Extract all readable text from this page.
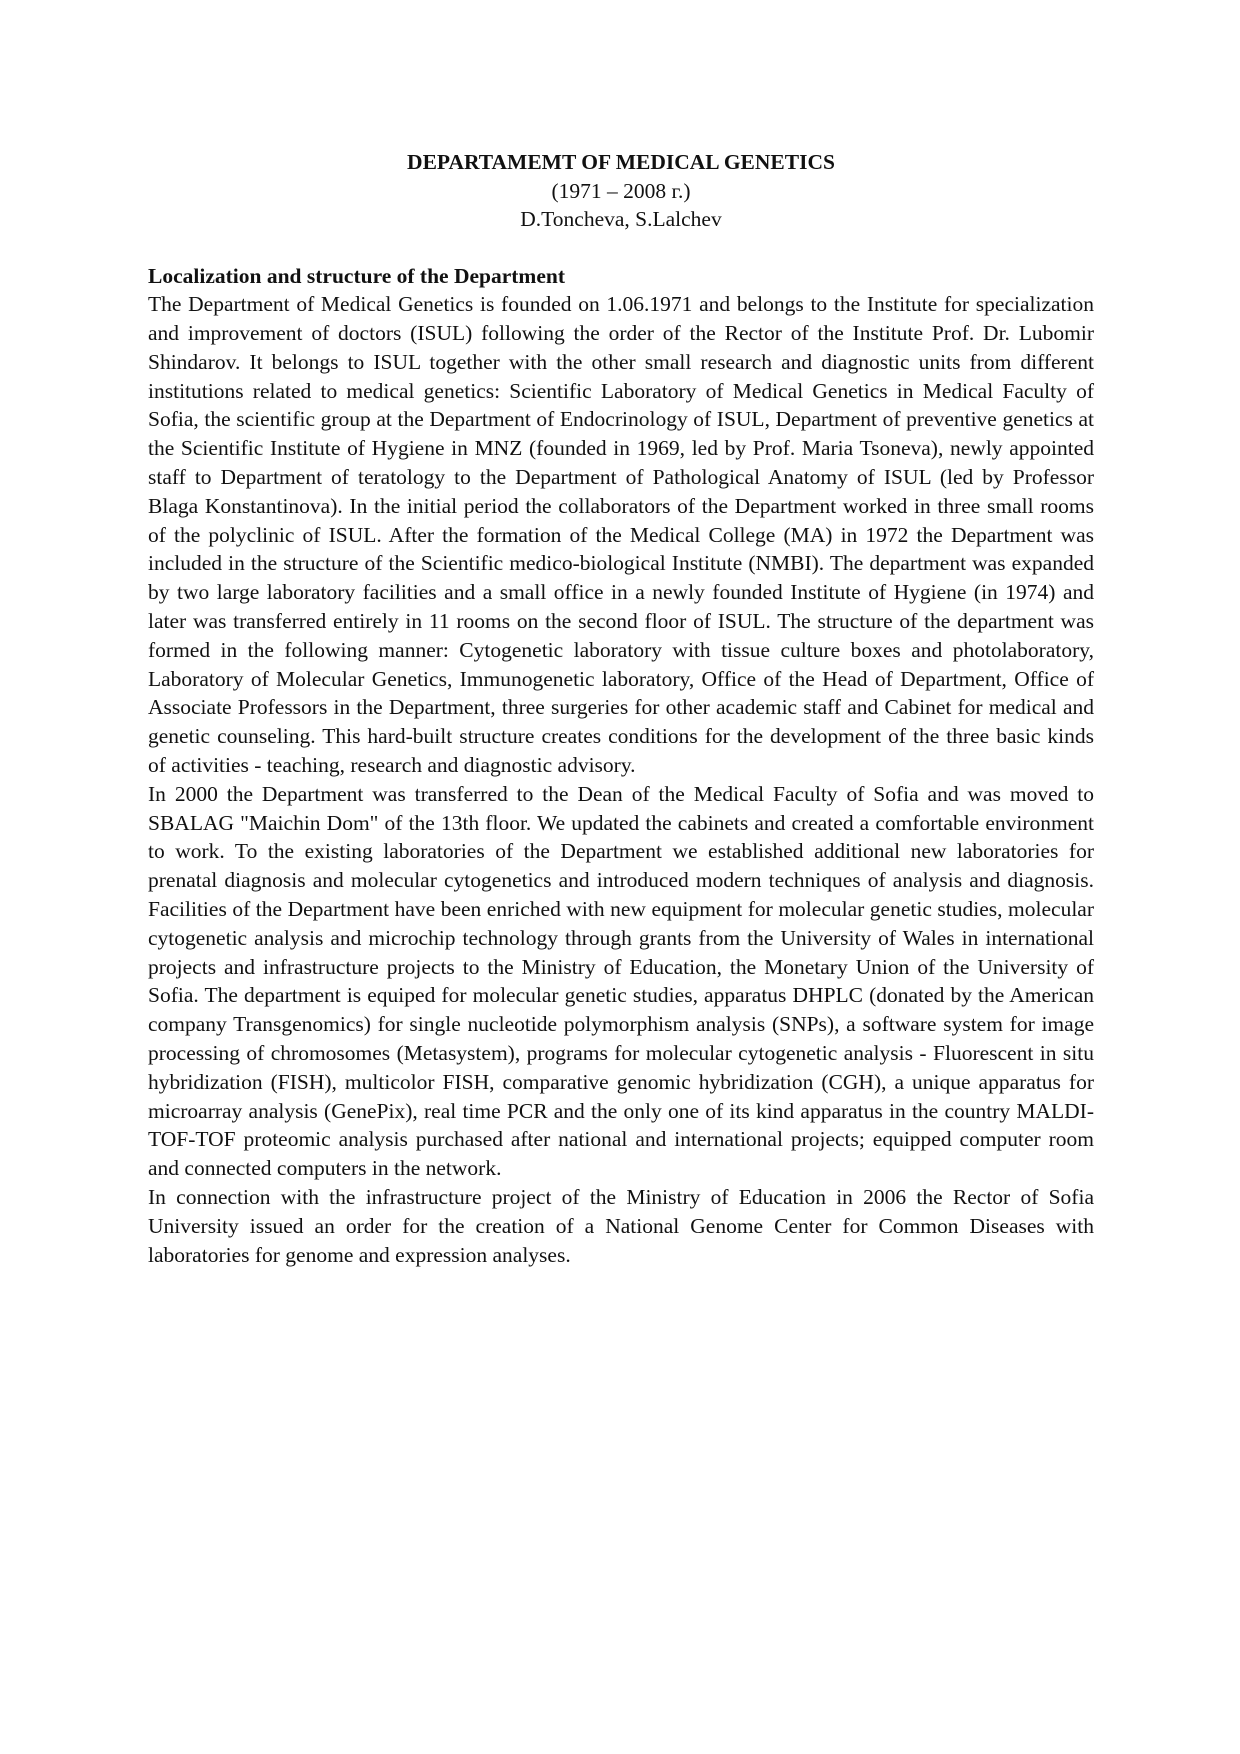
DEPARTAMEMT OF MEDICAL GENETICS
(1971 – 2008 г.)
D.Toncheva, S.Lalchev
Localization and structure of the Department

The Department of Medical Genetics is founded on 1.06.1971 and belongs to the Institute for specialization and improvement of doctors (ISUL) following the order of the Rector of the Institute Prof. Dr. Lubomir Shindarov. It belongs to ISUL together with the other small research and diagnostic units from different institutions related to medical genetics: Scientific Laboratory of Medical Genetics in Medical Faculty of Sofia, the scientific group at the Department of Endocrinology of ISUL, Department of preventive genetics at the Scientific Institute of Hygiene in MNZ (founded in 1969, led by Prof. Maria Tsoneva), newly appointed staff to Department of teratology to the Department of Pathological Anatomy of ISUL (led by Professor Blaga Konstantinova). In the initial period the collaborators of the Department worked in three small rooms of the polyclinic of ISUL. After the formation of the Medical College (MA) in 1972 the Department was included in the structure of the Scientific medico-biological Institute (NMBI). The department was expanded by two large laboratory facilities and a small office in a newly founded Institute of Hygiene (in 1974) and later was transferred entirely in 11 rooms on the second floor of ISUL. The structure of the department was formed in the following manner: Cytogenetic laboratory with tissue culture boxes and photolaboratory, Laboratory of Molecular Genetics, Immunogenetic laboratory, Office of the Head of Department, Office of Associate Professors in the Department, three surgeries for other academic staff and Cabinet for medical and genetic counseling. This hard-built structure creates conditions for the development of the three basic kinds of activities - teaching, research and diagnostic advisory.

In 2000 the Department was transferred to the Dean of the Medical Faculty of Sofia and was moved to SBALAG "Maichin Dom" of the 13th floor. We updated the cabinets and created a comfortable environment to work. To the existing laboratories of the Department we established additional new laboratories for prenatal diagnosis and molecular cytogenetics and introduced modern techniques of analysis and diagnosis. Facilities of the Department have been enriched with new equipment for molecular genetic studies, molecular cytogenetic analysis and microchip technology through grants from the University of Wales in international projects and infrastructure projects to the Ministry of Education, the Monetary Union of the University of Sofia. The department is equiped for molecular genetic studies, apparatus DHPLC (donated by the American company Transgenomics) for single nucleotide polymorphism analysis (SNPs), a software system for image processing of chromosomes (Metasystem), programs for molecular cytogenetic analysis - Fluorescent in situ hybridization (FISH), multicolor FISH, comparative genomic hybridization (CGH), a unique apparatus for microarray analysis (GenePix), real time PCR and the only one of its kind apparatus in the country MALDI-TOF-TOF proteomic analysis purchased after national and international projects; equipped computer room and connected computers in the network.

In connection with the infrastructure project of the Ministry of Education in 2006 the Rector of Sofia University issued an order for the creation of a National Genome Center for Common Diseases with laboratories for genome and expression analyses.
